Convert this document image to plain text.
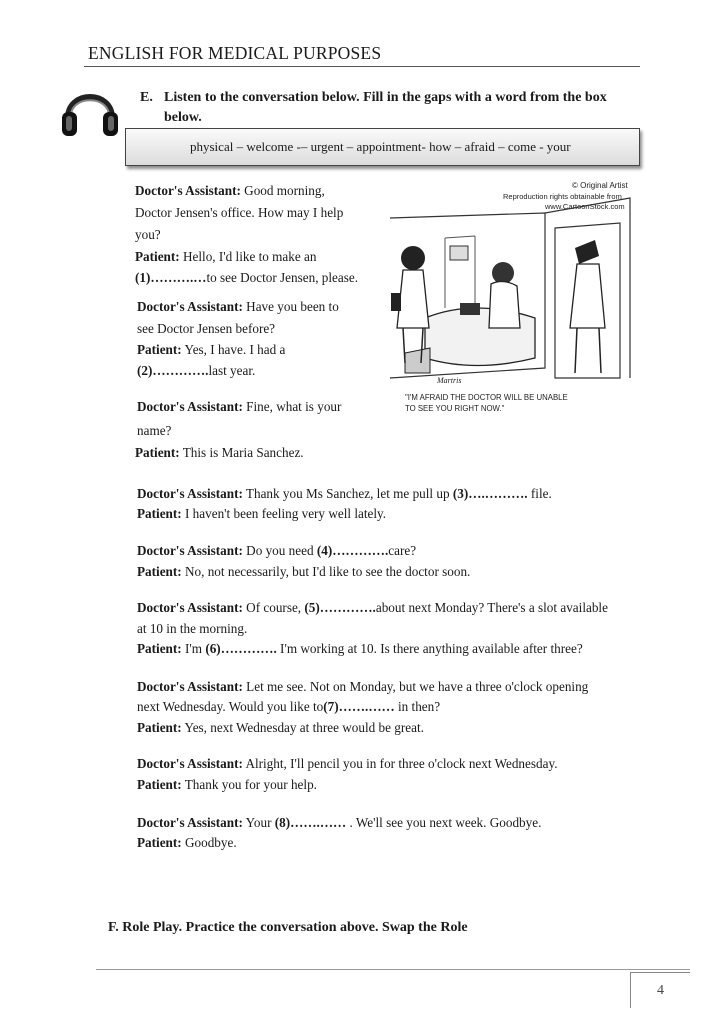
ENGLISH FOR MEDICAL PURPOSES
E. Listen to the conversation below. Fill in the gaps with a word from the box
below.
physical – welcome -– urgent – appointment- how – afraid – come - your
© Original Artist
Reproduction rights obtainable from
www.CartoonStock.com
Martris
"I'M AFRAID THE DOCTOR WILL BE UNABLE
TO SEE YOU RIGHT NOW."
Doctor's Assistant: Good morning,
Doctor Jensen's office. How may I help
you?
Patient: Hello, I'd like to make an
(1)……….…to see Doctor Jensen, please.
Doctor's Assistant: Have you been to
see Doctor Jensen before?
Patient: Yes, I have. I had a
(2)………….last year.
Doctor's Assistant: Fine, what is your
name?
Patient: This is Maria Sanchez.
Doctor's Assistant: Thank you Ms Sanchez, let me pull up (3)….………. file.
Patient: I haven't been feeling very well lately.
Doctor's Assistant: Do you need (4)………….care?
Patient: No, not necessarily, but I'd like to see the doctor soon.
Doctor's Assistant: Of course, (5)………….about next Monday? There's a slot available
at 10 in the morning.
Patient: I'm (6)…………. I'm working at 10. Is there anything available after three?
Doctor's Assistant: Let me see. Not on Monday, but we have a three o'clock opening
next Wednesday. Would you like to(7)…….…… in then?
Patient: Yes, next Wednesday at three would be great.
Doctor's Assistant: Alright, I'll pencil you in for three o'clock next Wednesday.
Patient: Thank you for your help.
Doctor's Assistant: Your (8)…….…… . We'll see you next week. Goodbye.
Patient: Goodbye.
F. Role Play. Practice the conversation above. Swap the Role
4
